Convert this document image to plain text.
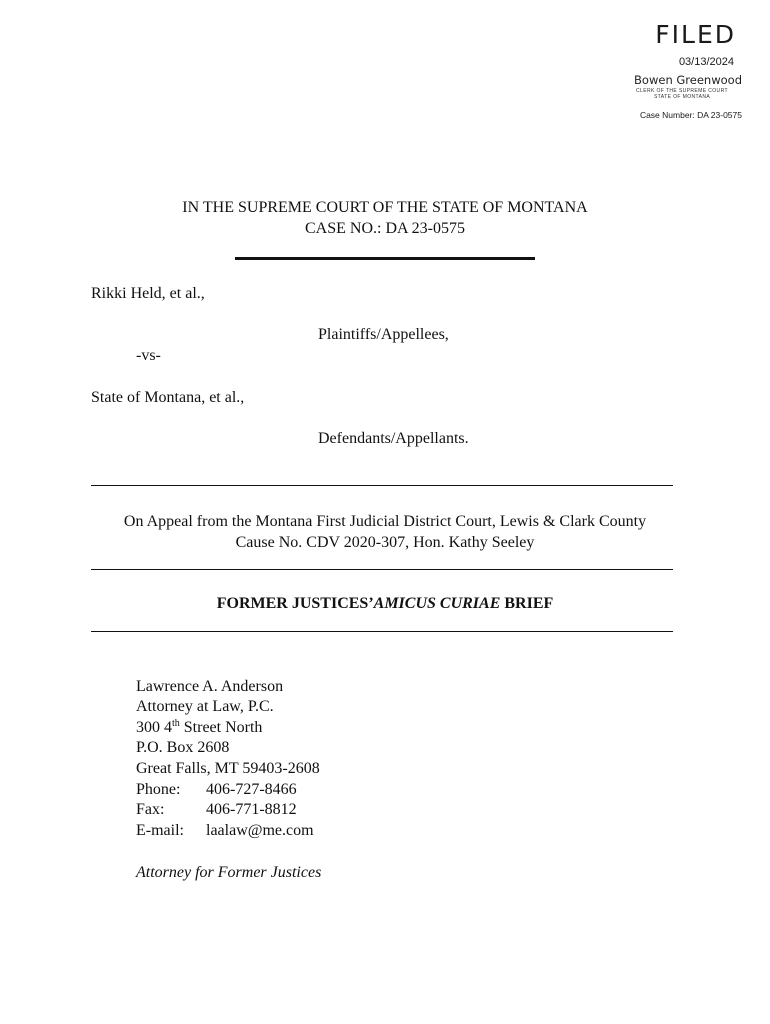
FILED
03/13/2024
Bowen Greenwood
CLERK OF THE SUPREME COURT
STATE OF MONTANA
Case Number: DA 23-0575
IN THE SUPREME COURT OF THE STATE OF MONTANA
CASE NO.: DA 23-0575
Rikki Held, et al.,
Plaintiffs/Appellees,
-vs-
State of Montana, et al.,
Defendants/Appellants.
On Appeal from the Montana First Judicial District Court, Lewis & Clark County
Cause No. CDV 2020-307, Hon. Kathy Seeley
FORMER JUSTICES’AMICUS CURIAE BRIEF
Lawrence A. Anderson
Attorney at Law, P.C.
300 4th Street North
P.O. Box 2608
Great Falls, MT 59403-2608
Phone: 406-727-8466
Fax:	406-771-8812
E-mail: laalaw@me.com
Attorney for Former Justices
